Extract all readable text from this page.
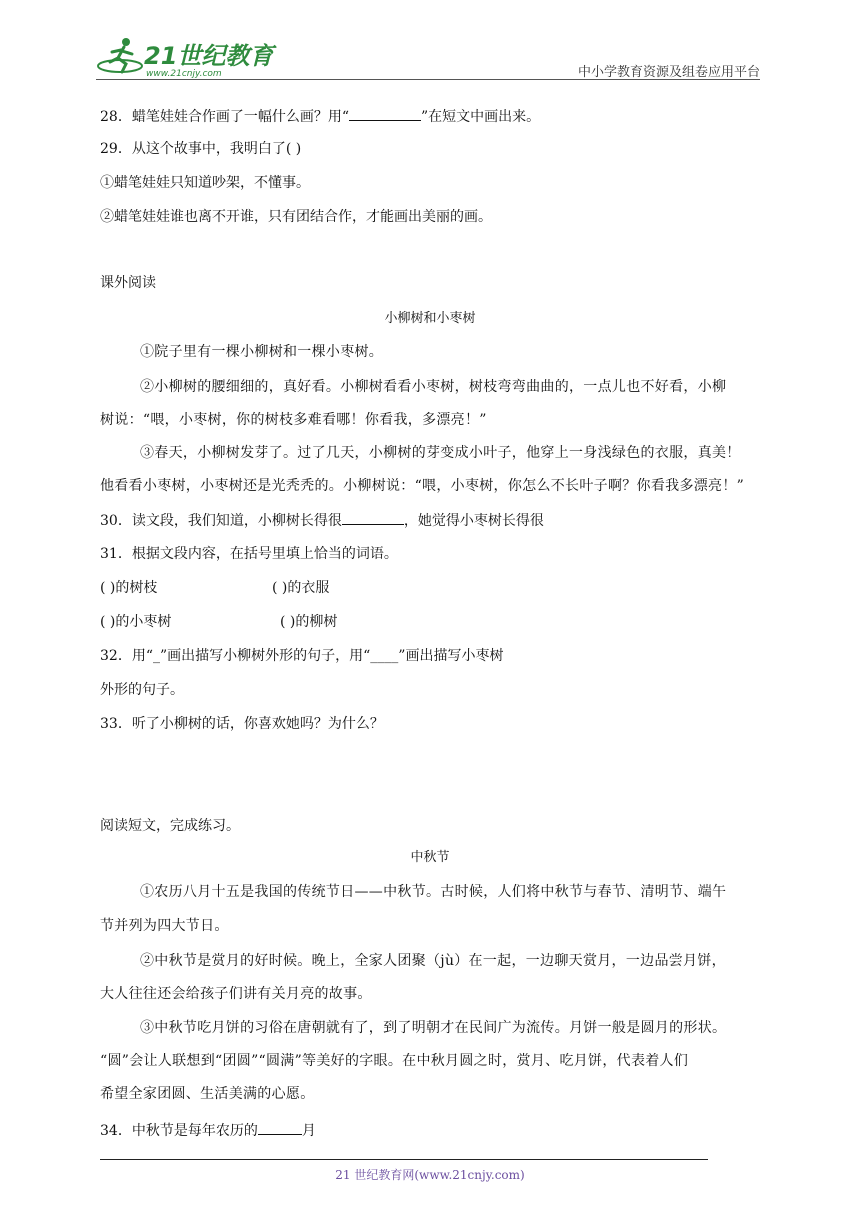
21世纪教育
www.21cnjy.com	中小学教育资源及组卷应用平台
28．蜡笔娃娃合作画了一幅什么画？用“	”在短文中画出来。
29．从这个故事中，我明白了( )
①蜡笔娃娃只知道吵架，不懂事。
②蜡笔娃娃谁也离不开谁，只有团结合作，才能画出美丽的画。
课外阅读
小柳树和小枣树
①院子里有一棵小柳树和一棵小枣树。
②小柳树的腰细细的，真好看。小柳树看看小枣树，树枝弯弯曲曲的，一点儿也不好看，小柳
树说：“喂，小枣树，你的树枝多难看哪！你看我，多漂亮！”
③春天，小柳树发芽了。过了几天，小柳树的芽变成小叶子，他穿上一身浅绿色的衣服，真美！
他看看小枣树，小枣树还是光秃秃的。小柳树说：“喂，小枣树，你怎么不长叶子啊？你看我多漂亮！”
30．读文段，我们知道，小柳树长得很	，她觉得小枣树长得很
31．根据文段内容，在括号里填上恰当的词语。
( )的树枝	( )的衣服
( )的小枣树	( )的柳树
32．用“_”画出描写小柳树外形的句子，用“____”画出描写小枣树
外形的句子。
33．听了小柳树的话，你喜欢她吗？为什么？
阅读短文，完成练习。
中秋节
①农历八月十五是我国的传统节日——中秋节。古时候，人们将中秋节与春节、清明节、端午
节并列为四大节日。
②中秋节是赏月的好时候。晚上，全家人团聚（jù）在一起，一边聊天赏月，一边品尝月饼，
大人往往还会给孩子们讲有关月亮的故事。
③中秋节吃月饼的习俗在唐朝就有了，到了明朝才在民间广为流传。月饼一般是圆月的形状。
“圆”会让人联想到“团圆”“圆满”等美好的字眼。在中秋月圆之时，赏月、吃月饼，代表着人们
希望全家团圆、生活美满的心愿。
34．中秋节是每年农历的	月
21 世纪教育网(www.21cnjy.com)
